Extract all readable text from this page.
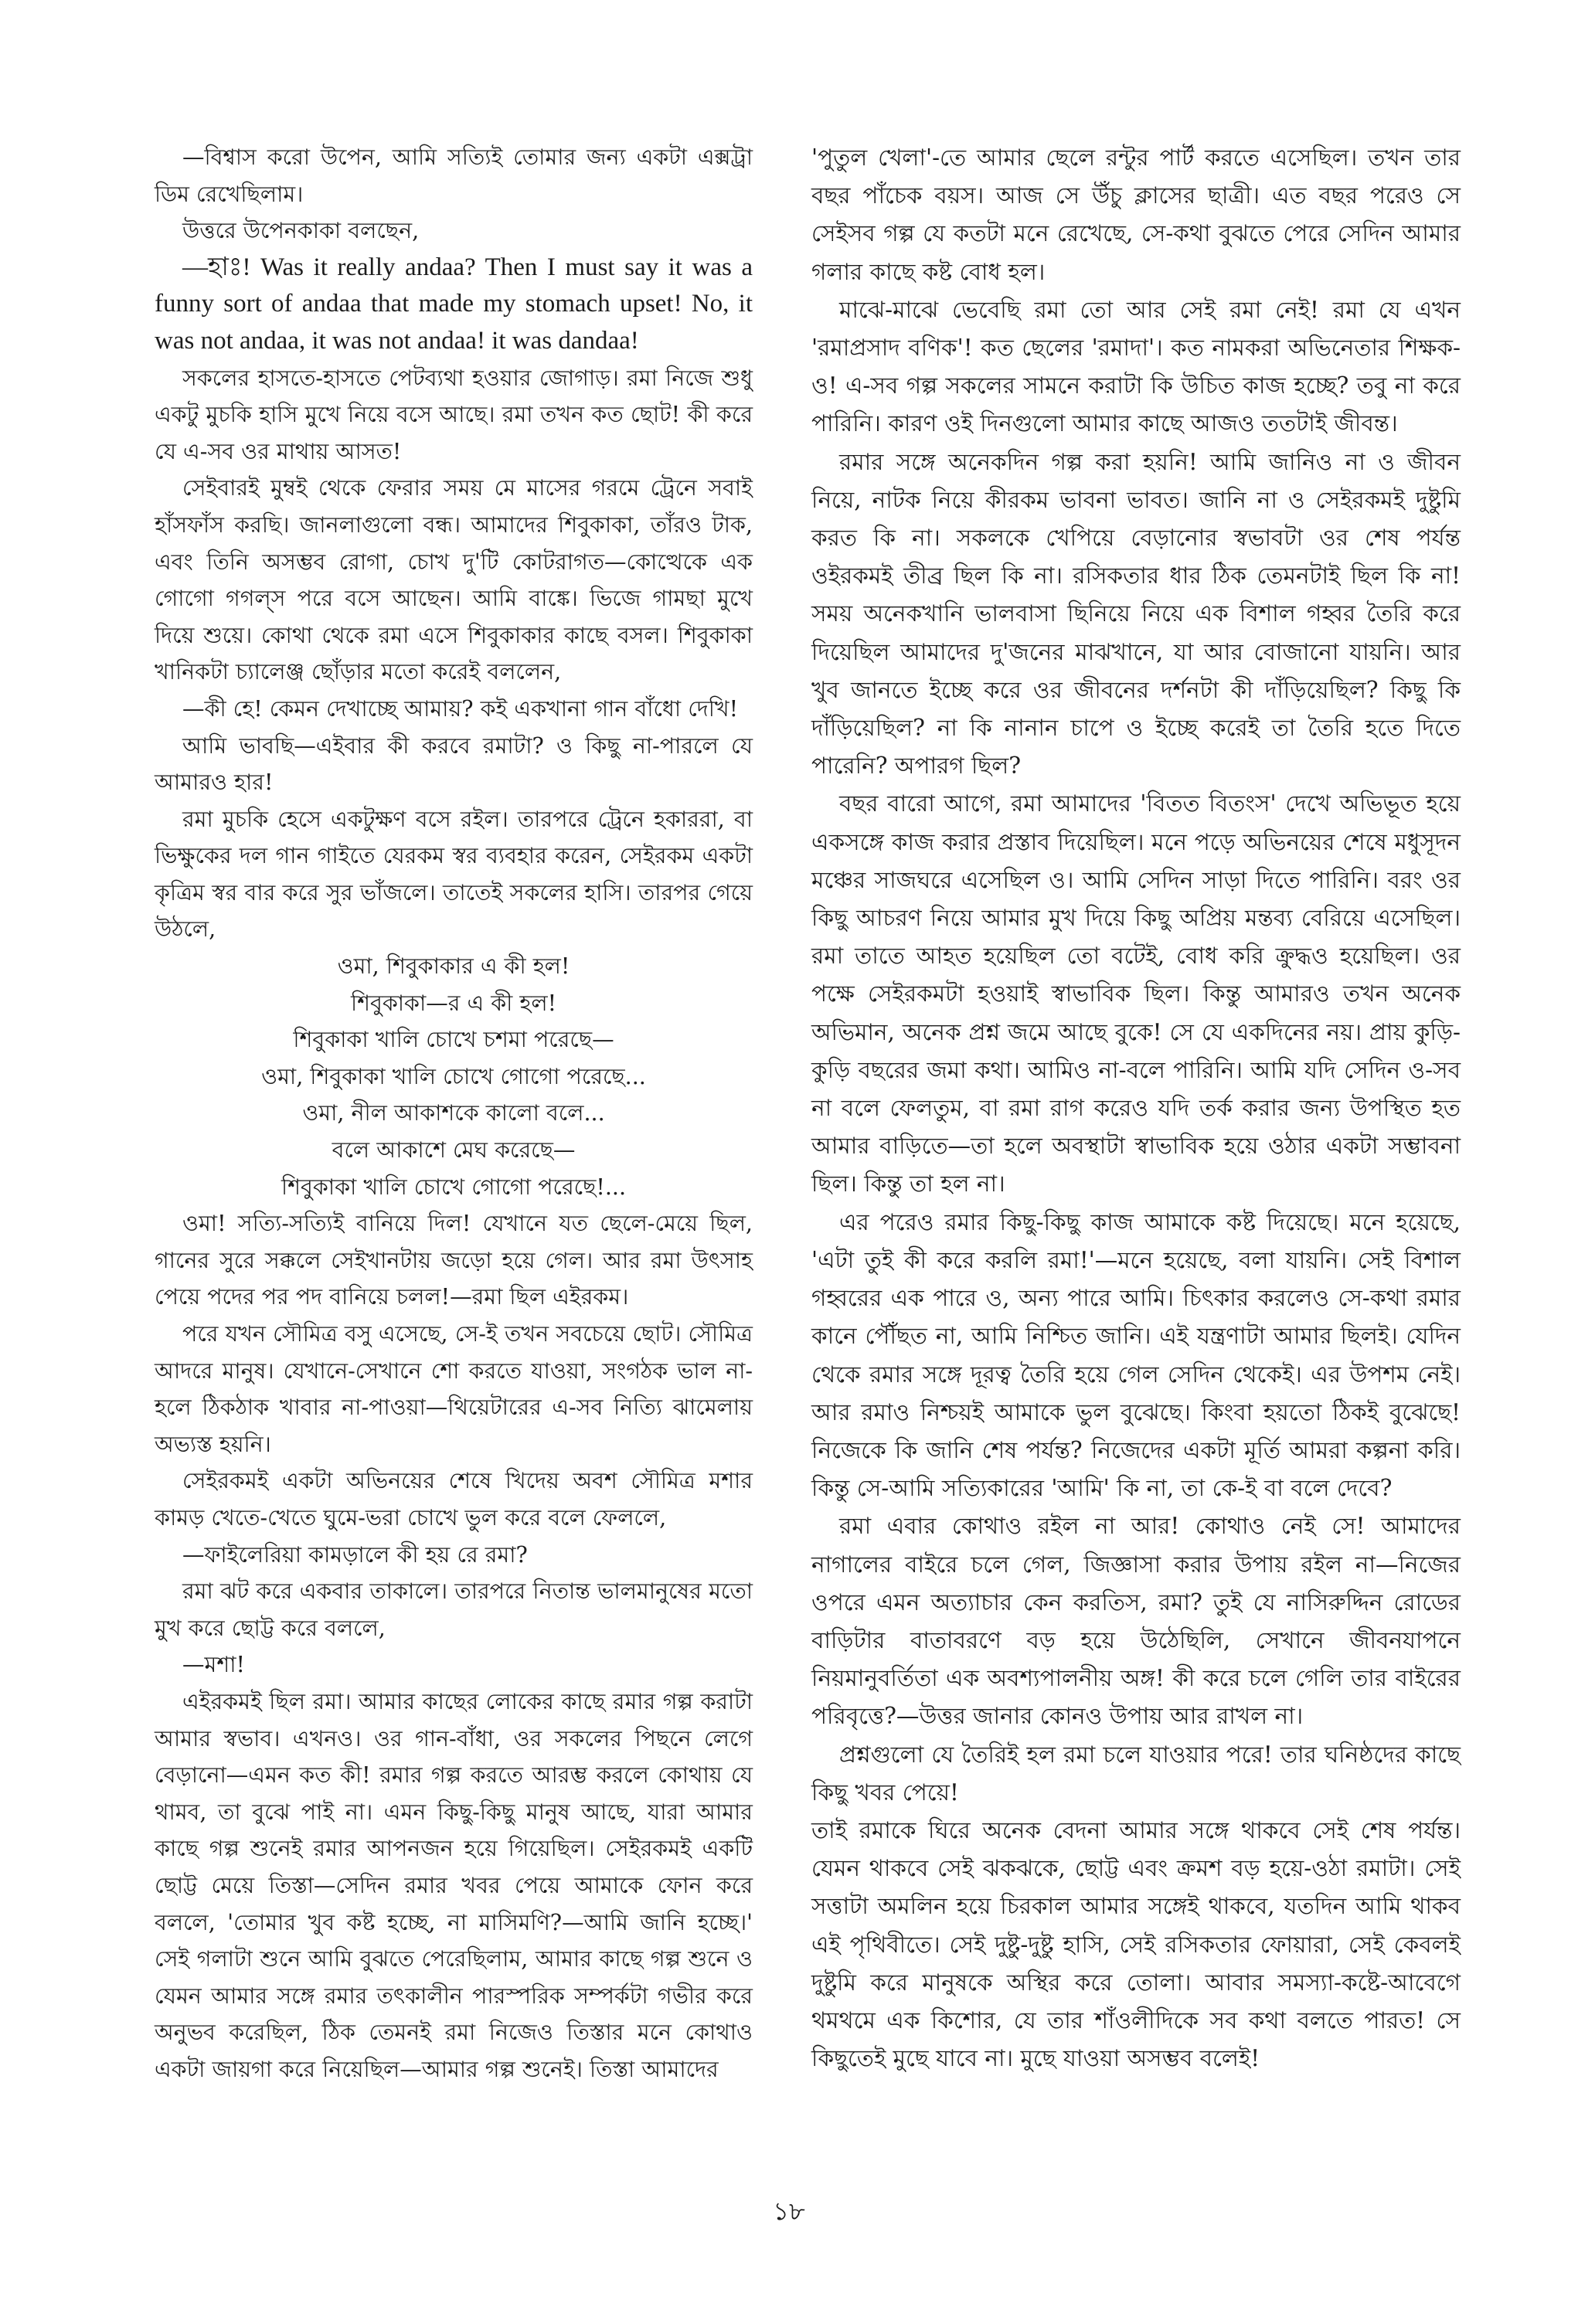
—বিশ্বাস করো উপেন, আমি সত্যিই তোমার জন্য একটা এক্সট্রা ডিম রেখেছিলাম।

উত্তরে উপেনকাকা বলছেন,

—হাঃ! Was it really andaa? Then I must say it was a funny sort of andaa that made my stomach upset! No, it was not andaa, it was not andaa! it was dandaa!

সকলের হাসতে-হাসতে পেটব্যথা হওয়ার জোগাড়। রমা নিজে শুধু একটু মুচকি হাসি মুখে নিয়ে বসে আছে। রমা তখন কত ছোট! কী করে যে এ-সব ওর মাথায় আসত!

সেইবারই মুম্বই থেকে ফেরার সময় মে মাসের গরমে ট্রেনে সবাই হাঁসফাঁস করছি। জানলাগুলো বন্ধ। আমাদের শিবুকাকা, তাঁরও টাক, এবং তিনি অসম্ভব রোগা, চোখ দু'টি কোটরাগত—কোত্থেকে এক গোগো গগল্‌স পরে বসে আছেন। আমি বাঙ্কে। ভিজে গামছা মুখে দিয়ে শুয়ে। কোথা থেকে রমা এসে শিবুকাকার কাছে বসল। শিবুকাকা খানিকটা চ্যালেঞ্জ ছোঁড়ার মতো করেই বললেন,

—কী হে! কেমন দেখাচ্ছে আমায়? কই একখানা গান বাঁধো দেখি!

আমি ভাবছি—এইবার কী করবে রমাটা? ও কিছু না-পারলে যে আমারও হার!

রমা মুচকি হেসে একটুক্ষণ বসে রইল। তারপরে ট্রেনে হকাররা, বা ভিক্ষুকের দল গান গাইতে যেরকম স্বর ব্যবহার করেন, সেইরকম একটা কৃত্রিম স্বর বার করে সুর ভাঁজলে। তাতেই সকলের হাসি। তারপর গেয়ে উঠলে,

ওমা, শিবুকাকার এ কী হল!

শিবুকাকা—র এ কী হল!

শিবুকাকা খালি চোখে চশমা পরেছে—

ওমা, শিবুকাকা খালি চোখে গোগো পরেছে...

ওমা, নীল আকাশকে কালো বলে...

বলে আকাশে মেঘ করেছে—

শিবুকাকা খালি চোখে গোগো পরেছে!...

ওমা! সত্যি-সত্যিই বানিয়ে দিল! যেখানে যত ছেলে-মেয়ে ছিল, গানের সুরে সক্কলে সেইখানটায় জড়ো হয়ে গেল। আর রমা উৎসাহ পেয়ে পদের পর পদ বানিয়ে চলল!—রমা ছিল এইরকম।

পরে যখন সৌমিত্র বসু এসেছে, সে-ই তখন সবচেয়ে ছোট। সৌমিত্র আদরে মানুষ। যেখানে-সেখানে শো করতে যাওয়া, সংগঠক ভাল না-হলে ঠিকঠাক খাবার না-পাওয়া—থিয়েটারের এ-সব নিত্যি ঝামেলায় অভ্যস্ত হয়নি।

সেইরকমই একটা অভিনয়ের শেষে খিদেয় অবশ সৌমিত্র মশার কামড় খেতে-খেতে ঘুমে-ভরা চোখে ভুল করে বলে ফেললে,

—ফাইলেরিয়া কামড়ালে কী হয় রে রমা?

রমা ঝট করে একবার তাকালে। তারপরে নিতান্ত ভালমানুষের মতো মুখ করে ছোট্ট করে বললে,

—মশা!

এইরকমই ছিল রমা। আমার কাছের লোকের কাছে রমার গল্প করাটা আমার স্বভাব। এখনও। ওর গান-বাঁধা, ওর সকলের পিছনে লেগে বেড়ানো—এমন কত কী! রমার গল্প করতে আরম্ভ করলে কোথায় যে থামব, তা বুঝে পাই না। এমন কিছু-কিছু মানুষ আছে, যারা আমার কাছে গল্প শুনেই রমার আপনজন হয়ে গিয়েছিল। সেইরকমই একটি ছোট্ট মেয়ে তিস্তা—সেদিন রমার খবর পেয়ে আমাকে ফোন করে বললে, 'তোমার খুব কষ্ট হচ্ছে, না মাসিমণি?—আমি জানি হচ্ছে।' সেই গলাটা শুনে আমি বুঝতে পেরেছিলাম, আমার কাছে গল্প শুনে ও যেমন আমার সঙ্গে রমার তৎকালীন পারস্পরিক সম্পর্কটা গভীর করে অনুভব করেছিল, ঠিক তেমনই রমা নিজেও তিস্তার মনে কোথাও একটা জায়গা করে নিয়েছিল—আমার গল্প শুনেই। তিস্তা আমাদের

'পুতুল খেলা'-তে আমার ছেলে রন্টুর পার্ট করতে এসেছিল। তখন তার বছর পাঁচেক বয়স। আজ সে উঁচু ক্লাসের ছাত্রী। এত বছর পরেও সে সেইসব গল্প যে কতটা মনে রেখেছে, সে-কথা বুঝতে পেরে সেদিন আমার গলার কাছে কষ্ট বোধ হল।

মাঝে-মাঝে ভেবেছি রমা তো আর সেই রমা নেই! রমা যে এখন 'রমাপ্রসাদ বণিক'! কত ছেলের 'রমাদা'। কত নামকরা অভিনেতার শিক্ষক-ও! এ-সব গল্প সকলের সামনে করাটা কি উচিত কাজ হচ্ছে? তবু না করে পারিনি। কারণ ওই দিনগুলো আমার কাছে আজও ততটাই জীবন্ত।

রমার সঙ্গে অনেকদিন গল্প করা হয়নি! আমি জানিও না ও জীবন নিয়ে, নাটক নিয়ে কীরকম ভাবনা ভাবত। জানি না ও সেইরকমই দুষ্টুমি করত কি না। সকলকে খেপিয়ে বেড়ানোর স্বভাবটা ওর শেষ পর্যন্ত ওইরকমই তীব্র ছিল কি না। রসিকতার ধার ঠিক তেমনটাই ছিল কি না! সময় অনেকখানি ভালবাসা ছিনিয়ে নিয়ে এক বিশাল গহ্বর তৈরি করে দিয়েছিল আমাদের দু'জনের মাঝখানে, যা আর বোজানো যায়নি। আর খুব জানতে ইচ্ছে করে ওর জীবনের দর্শনটা কী দাঁড়িয়েছিল? কিছু কি দাঁড়িয়েছিল? না কি নানান চাপে ও ইচ্ছে করেই তা তৈরি হতে দিতে পারেনি? অপারগ ছিল?

বছর বারো আগে, রমা আমাদের 'বিতত বিতংস' দেখে অভিভূত হয়ে একসঙ্গে কাজ করার প্রস্তাব দিয়েছিল। মনে পড়ে অভিনয়ের শেষে মধুসূদন মঞ্চের সাজঘরে এসেছিল ও। আমি সেদিন সাড়া দিতে পারিনি। বরং ওর কিছু আচরণ নিয়ে আমার মুখ দিয়ে কিছু অপ্রিয় মন্তব্য বেরিয়ে এসেছিল। রমা তাতে আহত হয়েছিল তো বটেই, বোধ করি ক্রুদ্ধও হয়েছিল। ওর পক্ষে সেইরকমটা হওয়াই স্বাভাবিক ছিল। কিন্তু আমারও তখন অনেক অভিমান, অনেক প্রশ্ন জমে আছে বুকে! সে যে একদিনের নয়। প্রায় কুড়ি-কুড়ি বছরের জমা কথা। আমিও না-বলে পারিনি। আমি যদি সেদিন ও-সব না বলে ফেলতুম, বা রমা রাগ করেও যদি তর্ক করার জন্য উপস্থিত হত আমার বাড়িতে—তা হলে অবস্থাটা স্বাভাবিক হয়ে ওঠার একটা সম্ভাবনা ছিল। কিন্তু তা হল না।

এর পরেও রমার কিছু-কিছু কাজ আমাকে কষ্ট দিয়েছে। মনে হয়েছে, 'এটা তুই কী করে করলি রমা!'—মনে হয়েছে, বলা যায়নি। সেই বিশাল গহ্বরের এক পারে ও, অন্য পারে আমি। চিৎকার করলেও সে-কথা রমার কানে পৌঁছত না, আমি নিশ্চিত জানি। এই যন্ত্রণাটা আমার ছিলই। যেদিন থেকে রমার সঙ্গে দূরত্ব তৈরি হয়ে গেল সেদিন থেকেই। এর উপশম নেই। আর রমাও নিশ্চয়ই আমাকে ভুল বুঝেছে। কিংবা হয়তো ঠিকই বুঝেছে! নিজেকে কি জানি শেষ পর্যন্ত? নিজেদের একটা মূর্তি আমরা কল্পনা করি। কিন্তু সে-আমি সত্যিকারের 'আমি' কি না, তা কে-ই বা বলে দেবে?

রমা এবার কোথাও রইল না আর! কোথাও নেই সে! আমাদের নাগালের বাইরে চলে গেল, জিজ্ঞাসা করার উপায় রইল না—নিজের ওপরে এমন অত্যাচার কেন করতিস, রমা? তুই যে নাসিরুদ্দিন রোডের বাড়িটার বাতাবরণে বড় হয়ে উঠেছিলি, সেখানে জীবনযাপনে নিয়মানুবর্তিতা এক অবশ্যপালনীয় অঙ্গ! কী করে চলে গেলি তার বাইরের পরিবৃত্তে?—উত্তর জানার কোনও উপায় আর রাখল না।

প্রশ্নগুলো যে তৈরিই হল রমা চলে যাওয়ার পরে! তার ঘনিষ্ঠদের কাছে কিছু খবর পেয়ে!

তাই রমাকে ঘিরে অনেক বেদনা আমার সঙ্গে থাকবে সেই শেষ পর্যন্ত। যেমন থাকবে সেই ঝকঝকে, ছোট্ট এবং ক্রমশ বড় হয়ে-ওঠা রমাটা। সেই সত্তাটা অমলিন হয়ে চিরকাল আমার সঙ্গেই থাকবে, যতদিন আমি থাকব এই পৃথিবীতে। সেই দুষ্টু-দুষ্টু হাসি, সেই রসিকতার ফোয়ারা, সেই কেবলই দুষ্টুমি করে মানুষকে অস্থির করে তোলা। আবার সমস্যা-কষ্টে-আবেগে থমথমে এক কিশোর, যে তার শাঁওলীদিকে সব কথা বলতে পারত! সে কিছুতেই মুছে যাবে না। মুছে যাওয়া অসম্ভব বলেই!

১৮
